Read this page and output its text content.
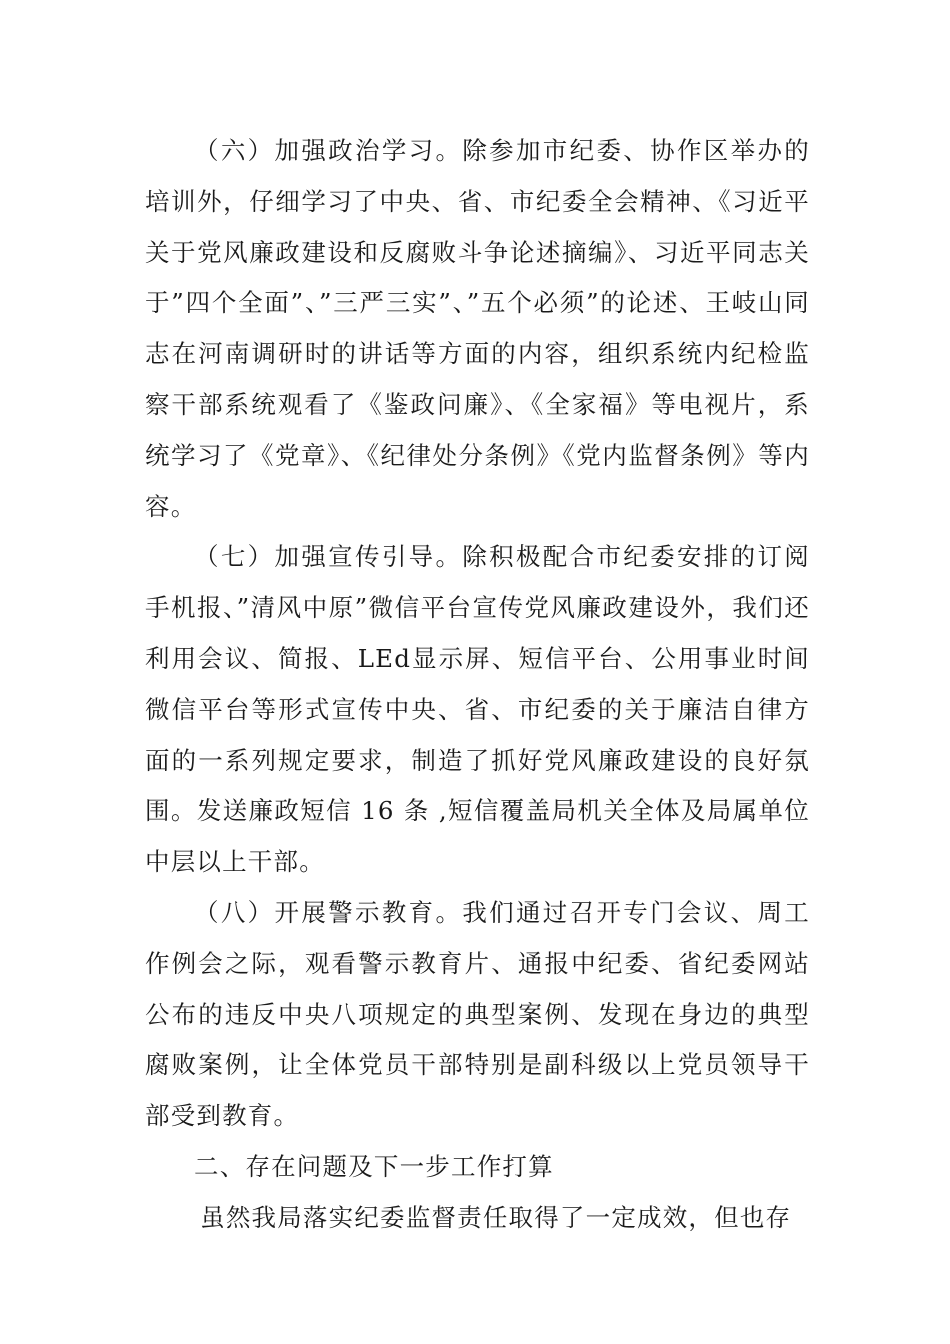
（六）加强政治学习。除参加市纪委、协作区举办的培训外，仔细学习了中央、省、市纪委全会精神、《习近平关于党风廉政建设和反腐败斗争论述摘编》、习近平同志关于”四个全面”、”三严三实”、”五个必须”的论述、王岐山同志在河南调研时的讲话等方面的内容，组织系统内纪检监察干部系统观看了《鉴政问廉》、《全家福》等电视片，系统学习了《党章》、《纪律处分条例》《党内监督条例》等内容。

（七）加强宣传引导。除积极配合市纪委安排的订阅手机报、”清风中原”微信平台宣传党风廉政建设外，我们还利用会议、简报、LEd显示屏、短信平台、公用事业时间微信平台等形式宣传中央、省、市纪委的关于廉洁自律方面的一系列规定要求，制造了抓好党风廉政建设的良好氛围。发送廉政短信 16 条 ,短信覆盖局机关全体及局属单位中层以上干部。

（八）开展警示教育。我们通过召开专门会议、周工作例会之际，观看警示教育片、通报中纪委、省纪委网站公布的违反中央八项规定的典型案例、发现在身边的典型腐败案例，让全体党员干部特别是副科级以上党员领导干部受到教育。

二、存在问题及下一步工作打算

虽然我局落实纪委监督责任取得了一定成效，但也存
